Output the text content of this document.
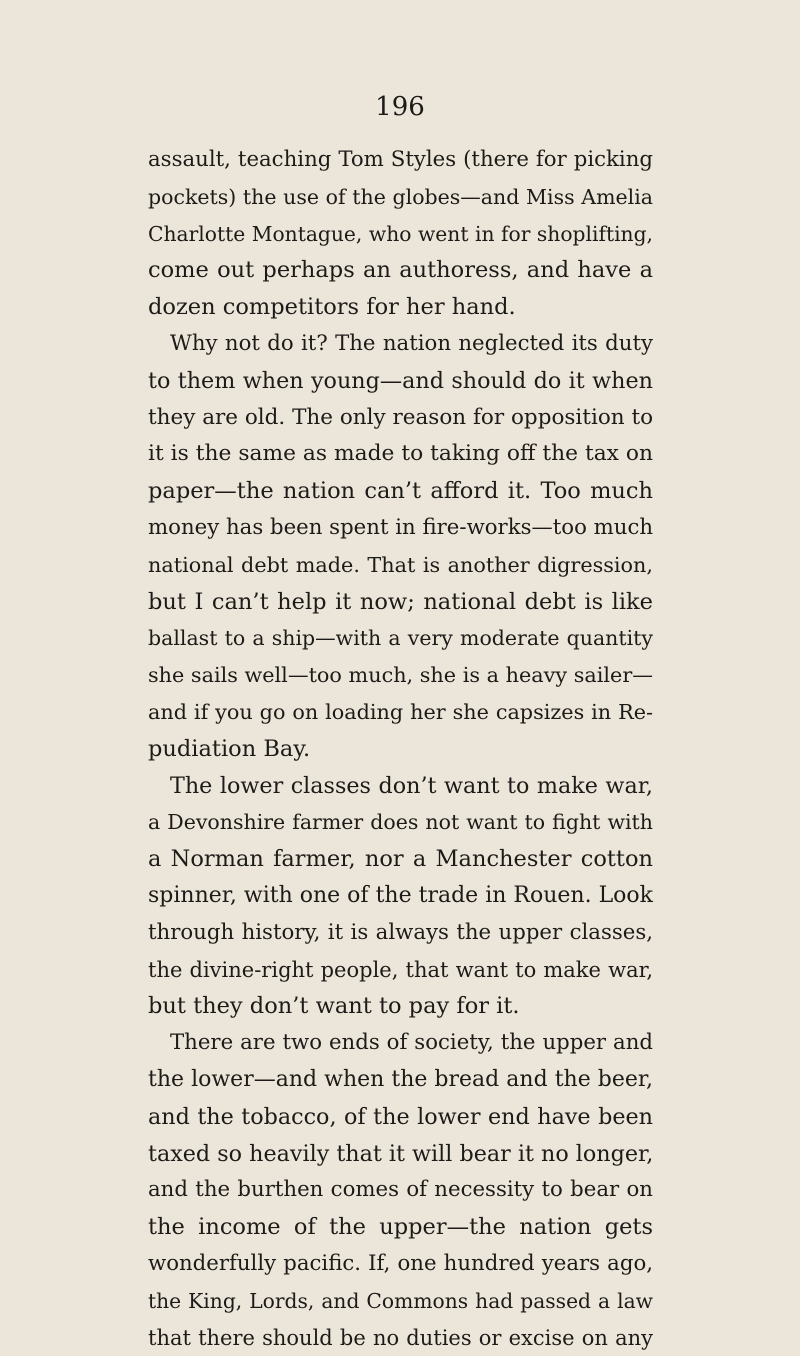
196
assault, teaching Tom Styles (there for picking
pockets) the use of the globes—and Miss Amelia
Charlotte Montague, who went in for shoplifting,
come out perhaps an authoress, and have a
dozen competitors for her hand.
Why not do it? The nation neglected its duty
to them when young—and should do it when
they are old. The only reason for opposition to
it is the same as made to taking off the tax on
paper—the nation can’t afford it. Too much
money has been spent in fire-works—too much
national debt made. That is another digression,
but I can’t help it now; national debt is like
ballast to a ship—with a very moderate quantity
she sails well—too much, she is a heavy sailer—
and if you go on loading her she capsizes in Re-
pudiation Bay.
The lower classes don’t want to make war,
a Devonshire farmer does not want to fight with
a Norman farmer, nor a Manchester cotton
spinner, with one of the trade in Rouen. Look
through history, it is always the upper classes,
the divine-right people, that want to make war,
but they don’t want to pay for it.
There are two ends of society, the upper and
the lower—and when the bread and the beer,
and the tobacco, of the lower end have been
taxed so heavily that it will bear it no longer,
and the burthen comes of necessity to bear on
the income of the upper—the nation gets
wonderfully pacific. If, one hundred years ago,
the King, Lords, and Commons had passed a law
that there should be no duties or excise on any
